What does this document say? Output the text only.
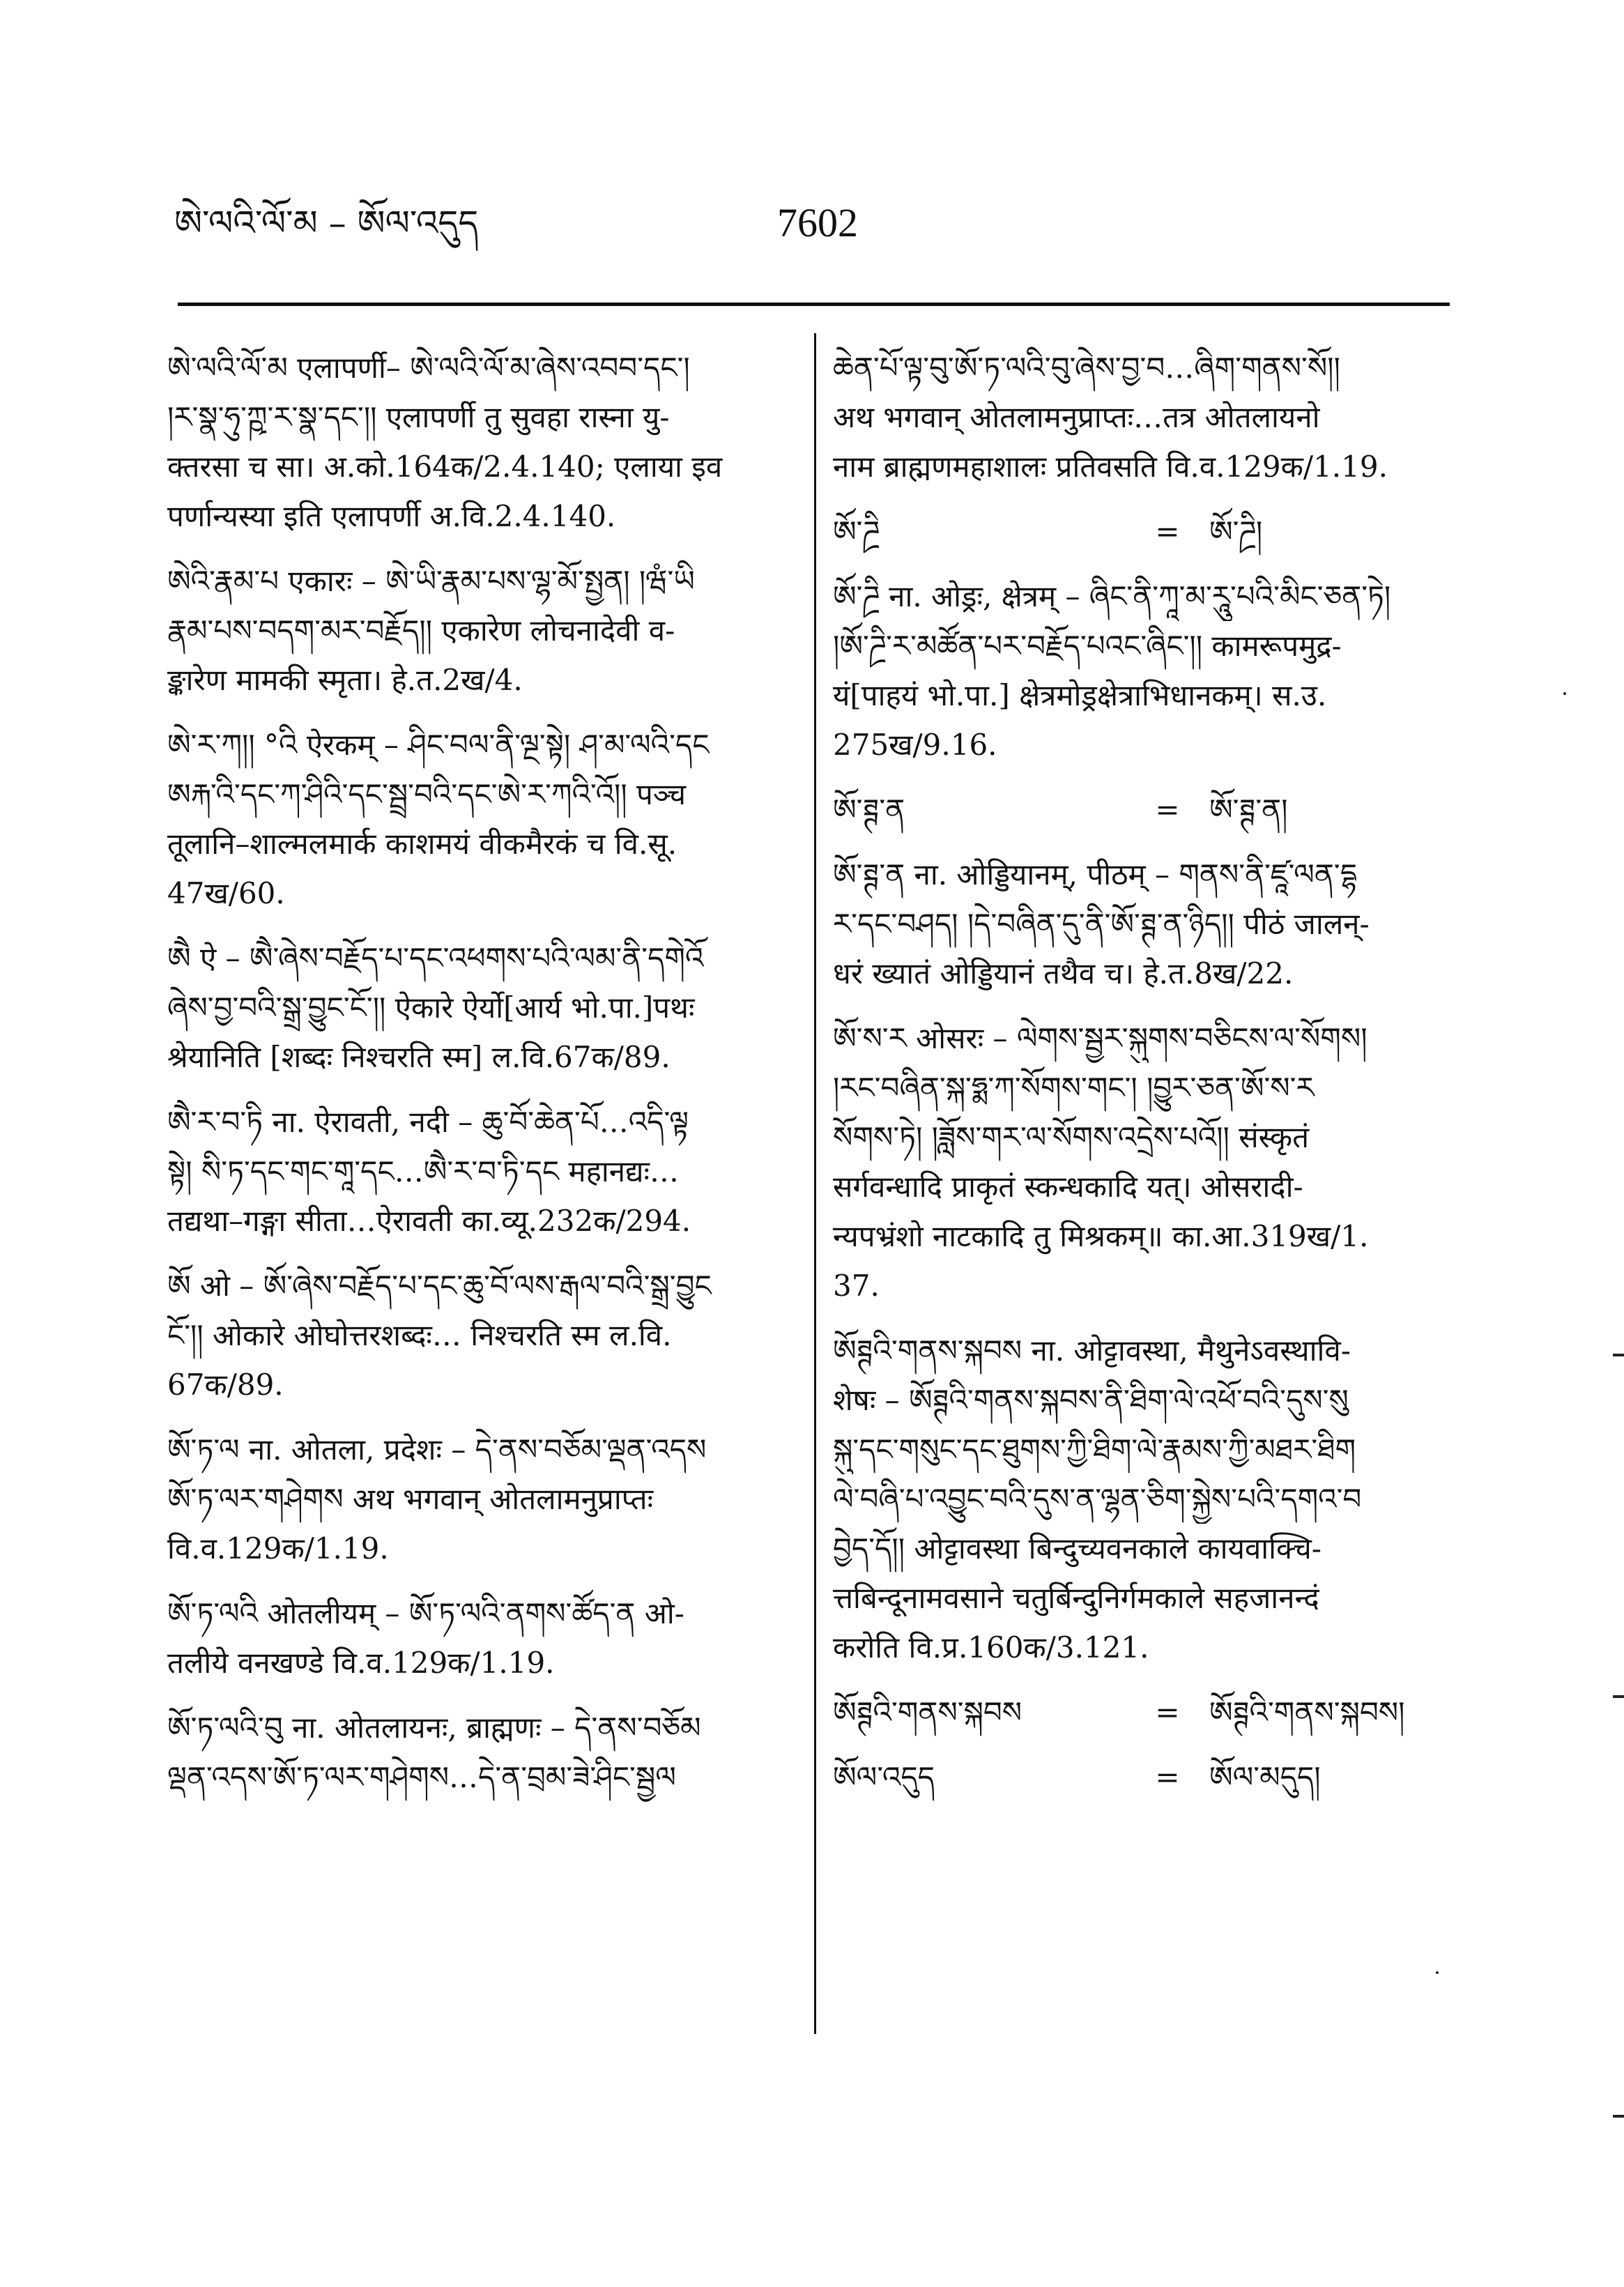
ཨེ་ལའི་ལོ་མ – ཨོལ་འདུད	7602
ཨེ་ལའི་ལོ་མ एलापर्णी– ཨེ་ལའི་ལོ་མ་ཞེས་འབབ་དང་།
།ར་སྣ་ཧུ་ཀྵ་ར་སྣ་དང་།། एलापर्णी तु सुवहा रास्ना यु-
क्तरसा च सा। अ.को.164क/2.4.140; एलाया इव
पर्णान्यस्या इति एलापर्णी अ.वि.2.4.140.
ཨེའི་རྣམ་པ एकारः – ཨེ་ཡི་རྣམ་པས་ལྷ་མོ་སྤྱན། །ཝཾ་ཡི
རྣམ་པས་བདག་མར་བརྗོད།། एकारेण लोचनादेवी व-
ङ्कारेण मामकी स्मृता। हे.त.2ख/4.
ཨེ་ར་ཀ།། °འི ऐरकम् – ཤིང་བལ་ནི་ལྔ་སྟེ། ཤ་མ་ལའི་དང
ཨརྐ་འི་དང་ཀ་ཤིའི་དང་སྦྲ་བའི་དང་ཨེ་ར་ཀའི་འོ།། पञ्च
तूलानि–शाल्मलमार्क काशमयं वीकमैरकं च वि.सू.
47ख/60.
ཨཻ ऐ – ཨཻ་ཞེས་བརྗོད་པ་དང་འཕགས་པའི་ལམ་ནི་དགེའོ
ཞེས་བྱ་བའི་སྒྲ་བྱུང་ངོ་།། ऐकारे ऐर्यो[आर्य भो.पा.]पथः
श्रेयानिति [शब्दः निश्चरति स्म] ल.वि.67क/89.
ཨཻ་ར་བ་ཏི ना. ऐरावती, नदी – ཆུ་བོ་ཆེན་པོ…འདི་ལྟ
སྟེ། སི་ཏ་དང་གང་གཱ་དང…ཨཻ་ར་བ་ཏི་དང महानद्यः…
तद्यथा–गङ्गा सीता…ऐरावती का.व्यू.232क/294.
ཨོ ओ – ཨོ་ཞེས་བརྗོད་པ་དང་ཆུ་བོ་ལས་རྒལ་བའི་སྒྲ་བྱུང
ངོ་།། ओकारे ओघोत्तरशब्दः… निश्चरति स्म ल.वि.
67क/89.
ཨོ་ཏ་ལ ना. ओतला, प्रदेशः – དེ་ནས་བཅོམ་ལྡན་འདས
ཨོ་ཏ་ལར་གཤེགས अथ भगवान् ओतलामनुप्राप्तः
वि.व.129क/1.19.
ཨོ་ཏ་ལའི ओतलीयम् – ཨོ་ཏ་ལའི་ནགས་ཚོད་ན ओ-
तलीये वनखण्डे वि.व.129क/1.19.
ཨོ་ཏ་ལའི་བུ ना. ओतलायनः, ब्राह्मणः – དེ་ནས་བཅོམ
ལྡན་འདས་ཨོ་ཏ་ལར་གཤེགས…དེ་ན་བྲམ་ཟེ་ཤིང་སྦྱལ
ཆེན་པོ་ལྟ་བུ་ཨོ་ཏ་ལའི་བུ་ཞེས་བྱ་བ…ཞིག་གནས་སོ།།
अथ भगवान् ओतलामनुप्राप्तः…तत्र ओतलायनो
नाम ब्राह्मणमहाशालः प्रतिवसति वि.व.129क/1.19.
ཨོ་ཌྲི	=	ཨོ་ཌྲི།
ཨོ་ཌྲི ना. ओड्रः, क्षेत्रम् – ཞིང་ནི་ཀཱ་མ་རཱུ་པའི་མིང་ཅན་ཏེ།
།ཨོ་ཌྲི་ར་མཚོན་པར་བརྗོད་པའང་ཞིང་།། कामरूपमुद्र-
यं[पाहयं भो.पा.] क्षेत्रमोड्रक्षेत्राभिधानकम्। स.उ.
275ख/9.16.
ཨོ་ཊྚ་ན	=	ཨོ་ཊྚ་ན།
ཨོ་ཊྚ་ན ना. ओड्डियानम्, पीठम् – གནས་ནི་ཛཱ་ལན་དྷ
ར་དང་བཤད། །དེ་བཞིན་དུ་ནི་ཨོ་ཊྚ་ན་ཉིད།། पीठं जालन्-
धरं ख्यातं ओड्डियानं तथैव च। हे.त.8ख/22.
ཨོ་ས་ར ओसरः – ལེགས་སྦྱར་སྐུགས་བཅིངས་ལ་སོགས།
།རང་བཞིན་སྐ་ཧྨ་ཀ་སོགས་གང་། །བྱུར་ཅན་ཨོ་ས་ར
སོགས་ཏེ། །ཟློས་གར་ལ་སོགས་འདྲེས་པའོ།། संस्कृतं
सर्गवन्धादि प्राकृतं स्कन्धकादि यत्। ओसरादी-
न्यपभ्रंशो नाटकादि तु मिश्रकम्॥ का.आ.319ख/1.
37.
ཨོཊྚའི་གནས་སྐབས ना. ओट्टावस्था, मैथुनेऽवस्थावि-
शेषः – ཨོཊྚའི་གནས་སྐབས་ནི་ཐིག་ལེ་འཕོ་བའི་དུས་སུ
སྐུ་དང་གསུང་དང་ཐུགས་ཀྱི་ཐིག་ལེ་རྣམས་ཀྱི་མཐར་ཐིག
ལེ་བཞི་པ་འབྱུང་བའི་དུས་ན་ལྷན་ཅིག་སྐྱེས་པའི་དགའ་བ
བྱེད་དོ།། ओट्टावस्था बिन्दुच्यवनकाले कायवाक्चि-
त्तबिन्दूनामवसाने चतुर्बिन्दुनिर्गमकाले सहजानन्दं
करोति वि.प्र.160क/3.121.
ཨོཊྚའི་གནས་སྐབས	=	ཨོཊྚའི་གནས་སྐབས།
ཨོལ་འདུད	=	ཨོལ་མདུད།
